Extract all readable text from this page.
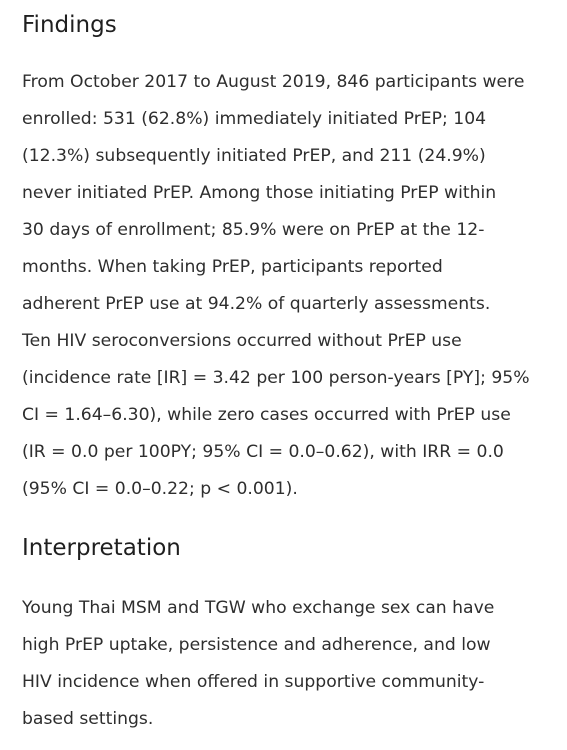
Findings
From October 2017 to August 2019, 846 participants were
enrolled: 531 (62.8%) immediately initiated PrEP; 104
(12.3%) subsequently initiated PrEP, and 211 (24.9%)
never initiated PrEP. Among those initiating PrEP within
30 days of enrollment; 85.9% were on PrEP at the 12-
months. When taking PrEP, participants reported
adherent PrEP use at 94.2% of quarterly assessments.
Ten HIV seroconversions occurred without PrEP use
(incidence rate [IR] = 3.42 per 100 person-years [PY]; 95%
CI = 1.64–6.30), while zero cases occurred with PrEP use
(IR = 0.0 per 100PY; 95% CI = 0.0–0.62), with IRR = 0.0
(95% CI = 0.0–0.22; p < 0.001).
Interpretation
Young Thai MSM and TGW who exchange sex can have
high PrEP uptake, persistence and adherence, and low
HIV incidence when offered in supportive community-
based settings.
